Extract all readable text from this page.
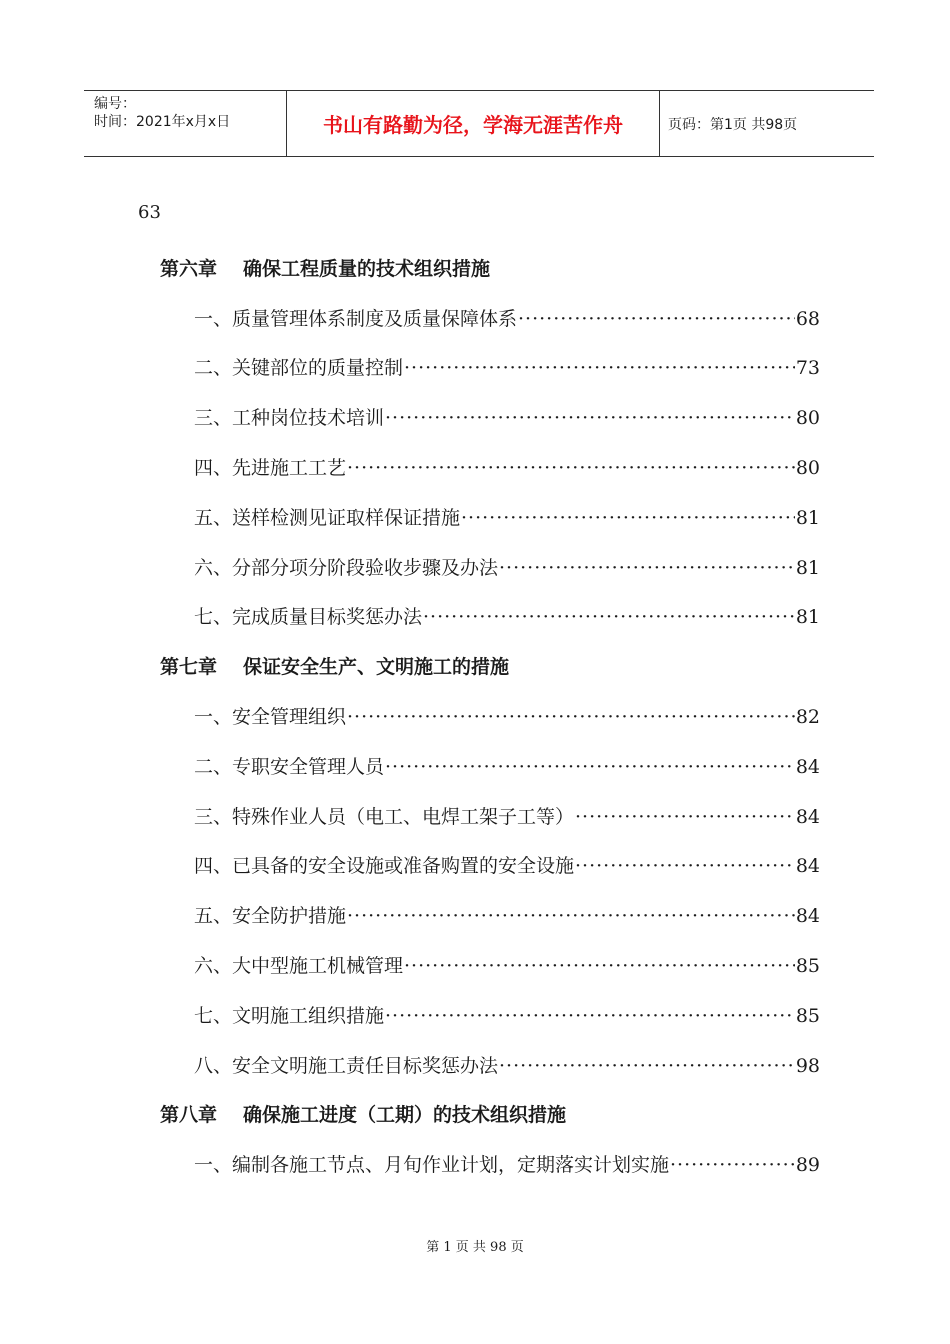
编号：
时间：2021年x月x日	书山有路勤为径，学海无涯苦作舟	页码：第1页 共98页
63
第六章 确保工程质量的技术组织措施
一、质量管理体系制度及质量保障体系 ·····	68
二、关键部位的质量控制 ·····	73
三、工种岗位技术培训 ·····	80
四、先进施工工艺 ·····	80
五、送样检测见证取样保证措施 ·····	81
六、分部分项分阶段验收步骤及办法 ·····	81
七、完成质量目标奖惩办法 ·····	81
第七章 保证安全生产、文明施工的措施
一、安全管理组织 ·····	82
二、专职安全管理人员 ·····	84
三、特殊作业人员（电工、电焊工架子工等） ·····	84
四、已具备的安全设施或准备购置的安全设施 ·····	84
五、安全防护措施 ·····	84
六、大中型施工机械管理 ·····	85
七、文明施工组织措施 ·····	85
八、安全文明施工责任目标奖惩办法 ·····	98
第八章 确保施工进度（工期）的技术组织措施
一、编制各施工节点、月旬作业计划，定期落实计划实施 ·····	89
第 1 页 共 98 页
